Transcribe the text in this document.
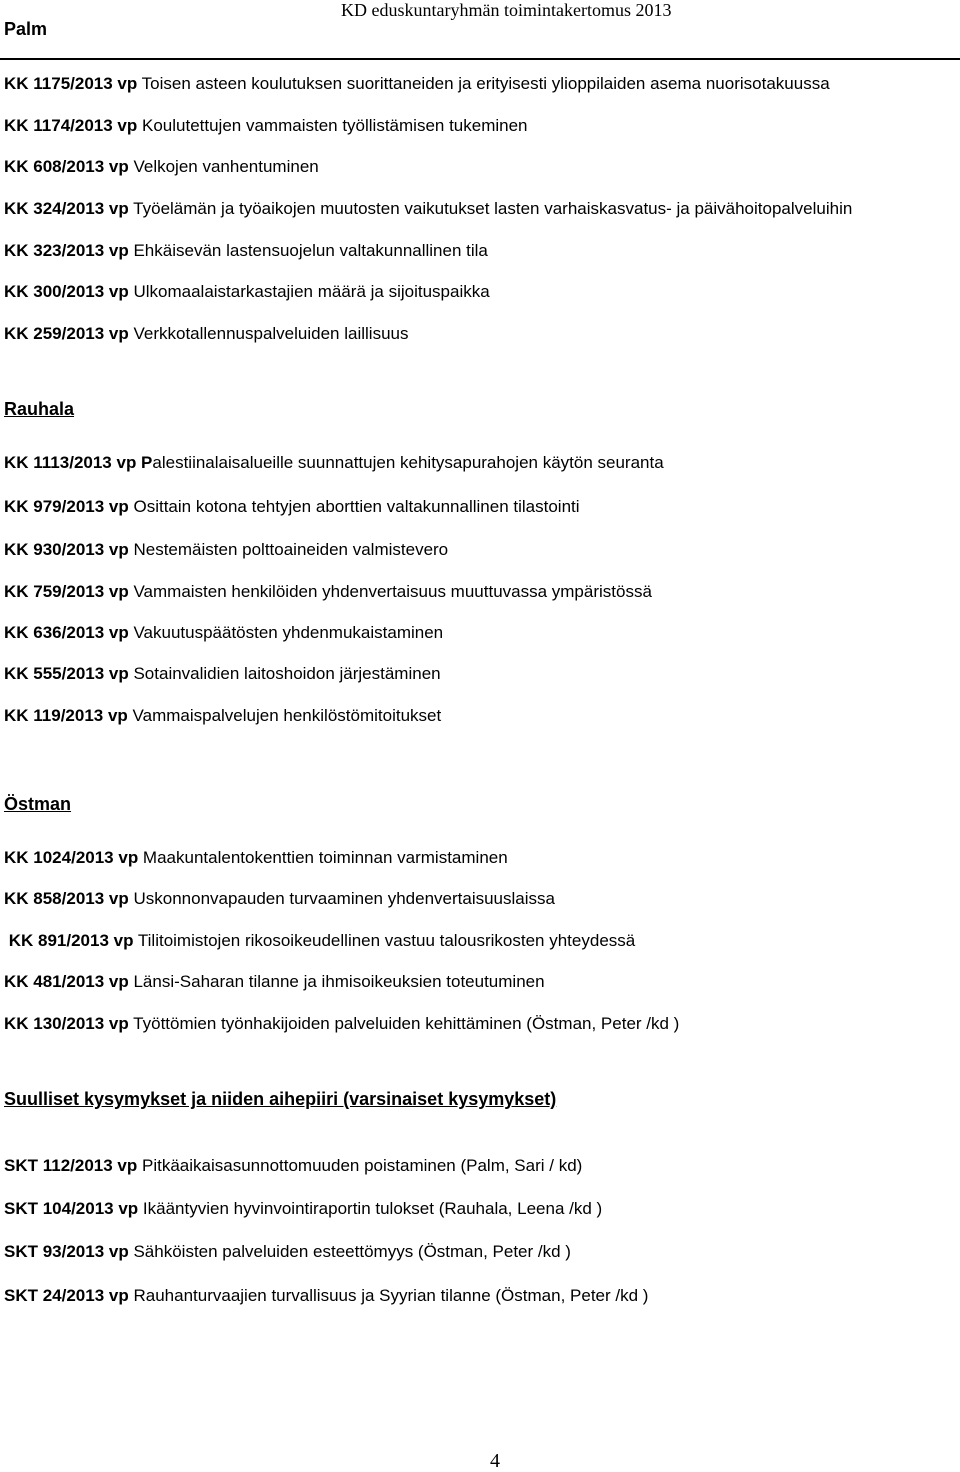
Palm
KD eduskuntaryhmän toimintakertomus 2013
KK 1175/2013 vp Toisen asteen koulutuksen suorittaneiden ja erityisesti ylioppilaiden asema nuorisotakuussa
KK 1174/2013 vp Koulutettujen vammaisten työllistämisen tukeminen
KK 608/2013 vp Velkojen vanhentuminen
KK 324/2013 vp Työelämän ja työaikojen muutosten vaikutukset lasten varhaiskasvatus- ja päivähoitopalveluihin
KK 323/2013 vp Ehkäisevän lastensuojelun valtakunnallinen tila
KK 300/2013 vp Ulkomaalaistarkastajien määrä ja sijoituspaikka
KK 259/2013 vp Verkkotallennuspalveluiden laillisuus
Rauhala
KK 1113/2013 vp Palestiinalaisalueille suunnattujen kehitysapurahojen käytön seuranta
KK 979/2013 vp Osittain kotona tehtyjen aborttien valtakunnallinen tilastointi
KK 930/2013 vp Nestemäisten polttoaineiden valmistevero
KK 759/2013 vp Vammaisten henkilöiden yhdenvertaisuus muuttuvassa ympäristössä
KK 636/2013 vp Vakuutuspäätösten yhdenmukaistaminen
KK 555/2013 vp Sotainvalidien laitoshoidon järjestäminen
KK 119/2013 vp Vammaispalvelujen henkilöstömitoitukset
Östman
KK 1024/2013 vp Maakuntalentokenttien toiminnan varmistaminen
KK 858/2013 vp Uskonnonvapauden turvaaminen yhdenvertaisuuslaissa
KK 891/2013 vp Tilitoimistojen rikosoikeudellinen vastuu talousrikosten yhteydessä
KK 481/2013 vp Länsi-Saharan tilanne ja ihmisoikeuksien toteutuminen
KK 130/2013 vp Työttömien työnhakijoiden palveluiden kehittäminen (Östman, Peter /kd )
Suulliset kysymykset ja niiden aihepiiri (varsinaiset kysymykset)
SKT 112/2013 vp Pitkäaikaisasunnottomuuden poistaminen (Palm, Sari / kd)
SKT 104/2013 vp Ikääntyvien hyvinvointiraportin tulokset (Rauhala, Leena /kd )
SKT 93/2013 vp Sähköisten palveluiden esteettömyys (Östman, Peter /kd )
SKT 24/2013 vp Rauhanturvaajien turvallisuus ja Syyrian tilanne (Östman, Peter /kd )
4
